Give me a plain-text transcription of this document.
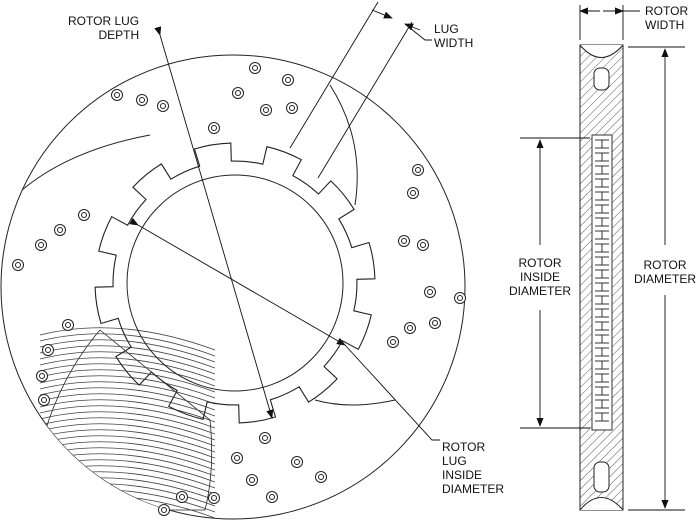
ROTOR LUG
DEPTH	LUG
WIDTH
ROTOR
WIDTH
ROTOR
INSIDE
DIAMETER
ROTOR
DIAMETER
ROTOR
LUG
INSIDE
DIAMETER
